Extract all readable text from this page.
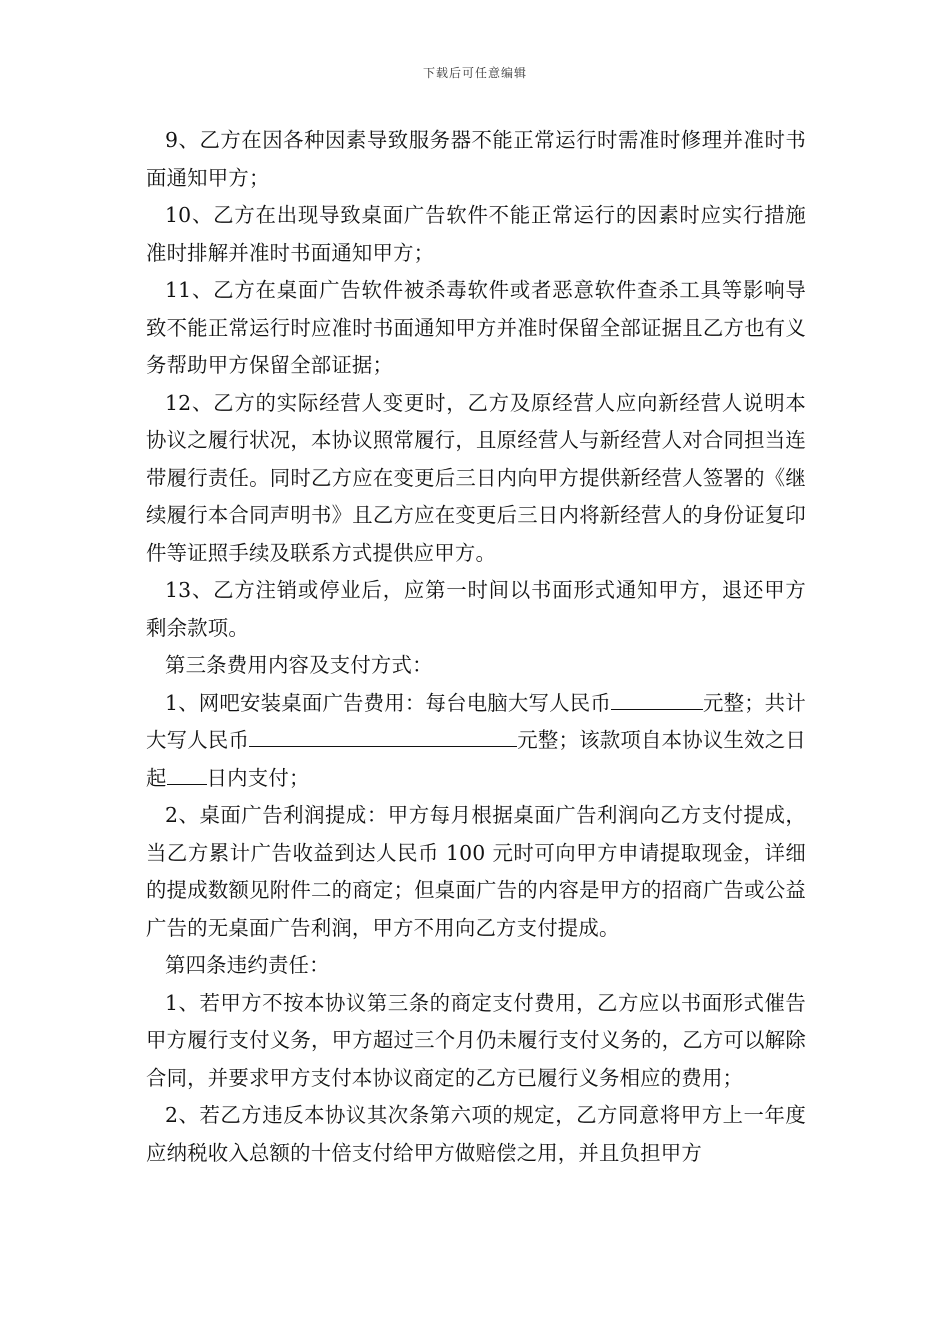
下载后可任意编辑

9、乙方在因各种因素导致服务器不能正常运行时需准时修理并准时书面通知甲方；

10、乙方在出现导致桌面广告软件不能正常运行的因素时应实行措施准时排解并准时书面通知甲方；

11、乙方在桌面广告软件被杀毒软件或者恶意软件查杀工具等影响导致不能正常运行时应准时书面通知甲方并准时保留全部证据且乙方也有义务帮助甲方保留全部证据；

12、乙方的实际经营人变更时，乙方及原经营人应向新经营人说明本协议之履行状况，本协议照常履行，且原经营人与新经营人对合同担当连带履行责任。同时乙方应在变更后三日内向甲方提供新经营人签署的《继续履行本合同声明书》且乙方应在变更后三日内将新经营人的身份证复印件等证照手续及联系方式提供应甲方。

13、乙方注销或停业后，应第一时间以书面形式通知甲方，退还甲方剩余款项。

第三条费用内容及支付方式：

1、网吧安装桌面广告费用：每台电脑大写人民币	元整；共计大写人民币	元整；该款项自本协议生效之日起 日内支付；

2、桌面广告利润提成：甲方每月根据桌面广告利润向乙方支付提成，当乙方累计广告收益到达人民币 100 元时可向甲方申请提取现金，详细的提成数额见附件二的商定；但桌面广告的内容是甲方的招商广告或公益广告的无桌面广告利润，甲方不用向乙方支付提成。

第四条违约责任：

1、若甲方不按本协议第三条的商定支付费用，乙方应以书面形式催告甲方履行支付义务，甲方超过三个月仍未履行支付义务的，乙方可以解除合同，并要求甲方支付本协议商定的乙方已履行义务相应的费用；

2、若乙方违反本协议其次条第六项的规定，乙方同意将甲方上一年度应纳税收入总额的十倍支付给甲方做赔偿之用，并且负担甲方
